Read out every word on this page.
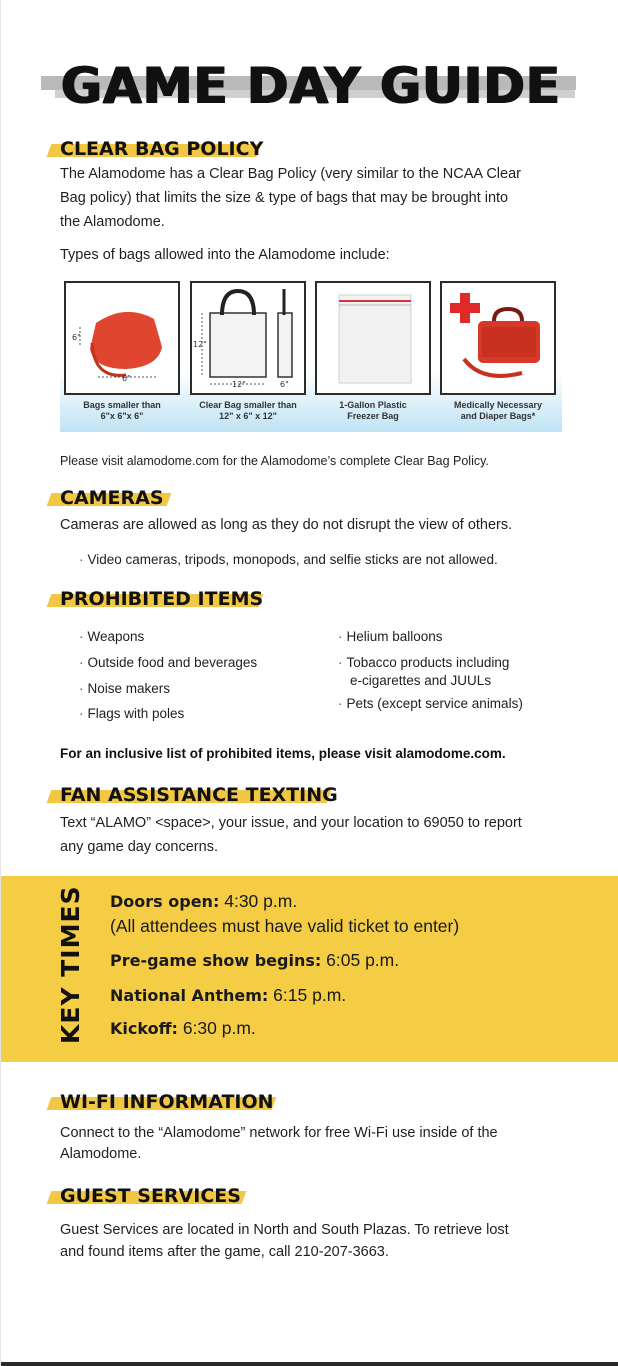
GAME DAY GUIDE
CLEAR BAG POLICY
The Alamodome has a Clear Bag Policy (very similar to the NCAA Clear
Bag policy) that limits the size & type of bags that may be brought into
the Alamodome.
Types of bags allowed into the Alamodome include:
6"
6"
12"
12"	6"
Bags smaller than
6"x 6"x 6"
Clear Bag smaller than
12" x 6" x 12"
1-Gallon Plastic
Freezer Bag
Medically Necessary
and Diaper Bags*
Please visit alamodome.com for the Alamodome’s complete Clear Bag Policy.
CAMERAS
Cameras are allowed as long as they do not disrupt the view of others.
· Video cameras, tripods, monopods, and selfie sticks are not allowed.
PROHIBITED ITEMS
· Weapons
· Outside food and beverages
· Noise makers
· Flags with poles
· Helium balloons
· Tobacco products including
e-cigarettes and JUULs
· Pets (except service animals)
For an inclusive list of prohibited items, please visit alamodome.com.
FAN ASSISTANCE TEXTING
Text “ALAMO” <space>, your issue, and your location to 69050 to report
any game day concerns.
KEY TIMES Doors open: 4:30 p.m.
(All attendees must have valid ticket to enter)
Pre-game show begins: 6:05 p.m.
National Anthem: 6:15 p.m.
Kickoff: 6:30 p.m.
WI-FI INFORMATION
Connect to the “Alamodome” network for free Wi-Fi use inside of the
Alamodome.
GUEST SERVICES
Guest Services are located in North and South Plazas. To retrieve lost
and found items after the game, call 210-207-3663.
